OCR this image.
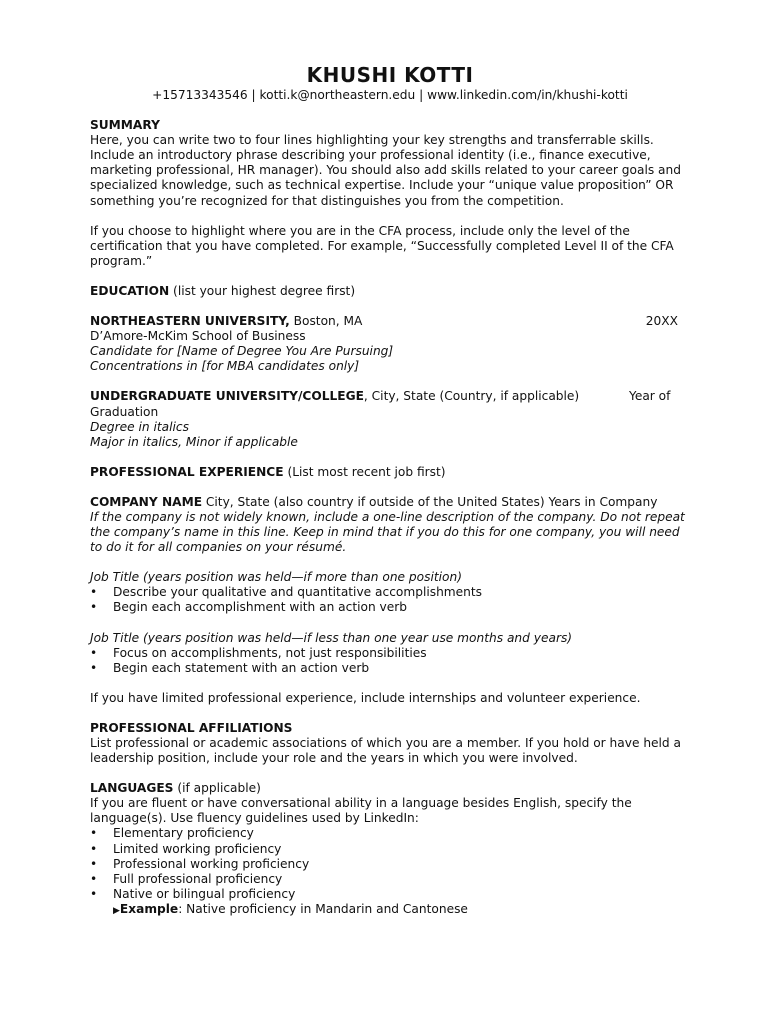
KHUSHI KOTTI

+15713343546 | kotti.k@northeastern.edu | www.linkedin.com/in/khushi-kotti

SUMMARY

Here, you can write two to four lines highlighting your key strengths and transferrable skills. Include an introductory phrase describing your professional identity (i.e., finance executive, marketing professional, HR manager). You should also add skills related to your career goals and specialized knowledge, such as technical expertise. Include your “unique value proposition” OR something you’re recognized for that distinguishes you from the competition.

If you choose to highlight where you are in the CFA process, include only the level of the certification that you have completed. For example, “Successfully completed Level II of the CFA program.”

EDUCATION (list your highest degree first)

NORTHEASTERN UNIVERSITY, Boston, MA	20XX

D’Amore-McKim School of Business

Candidate for [Name of Degree You Are Pursuing]

Concentrations in [for MBA candidates only]

UNDERGRADUATE UNIVERSITY/COLLEGE, City, State (Country, if applicable)	Year of

Graduation

Degree in italics

Major in italics, Minor if applicable

PROFESSIONAL EXPERIENCE (List most recent job first)

COMPANY NAME City, State (also country if outside of the United States) Years in Company

If the company is not widely known, include a one-line description of the company. Do not repeat the company’s name in this line. Keep in mind that if you do this for one company, you will need to do it for all companies on your résumé.

Job Title (years position was held—if more than one position)

• Describe your qualitative and quantitative accomplishments
• Begin each accomplishment with an action verb

Job Title (years position was held—if less than one year use months and years)

• Focus on accomplishments, not just responsibilities
• Begin each statement with an action verb

If you have limited professional experience, include internships and volunteer experience.

PROFESSIONAL AFFILIATIONS

List professional or academic associations of which you are a member. If you hold or have held a leadership position, include your role and the years in which you were involved.

LANGUAGES (if applicable)

If you are fluent or have conversational ability in a language besides English, specify the language(s). Use fluency guidelines used by LinkedIn:

• Elementary proficiency
• Limited working proficiency
• Professional working proficiency
• Full professional proficiency
• Native or bilingual proficiency

▶Example: Native proficiency in Mandarin and Cantonese
